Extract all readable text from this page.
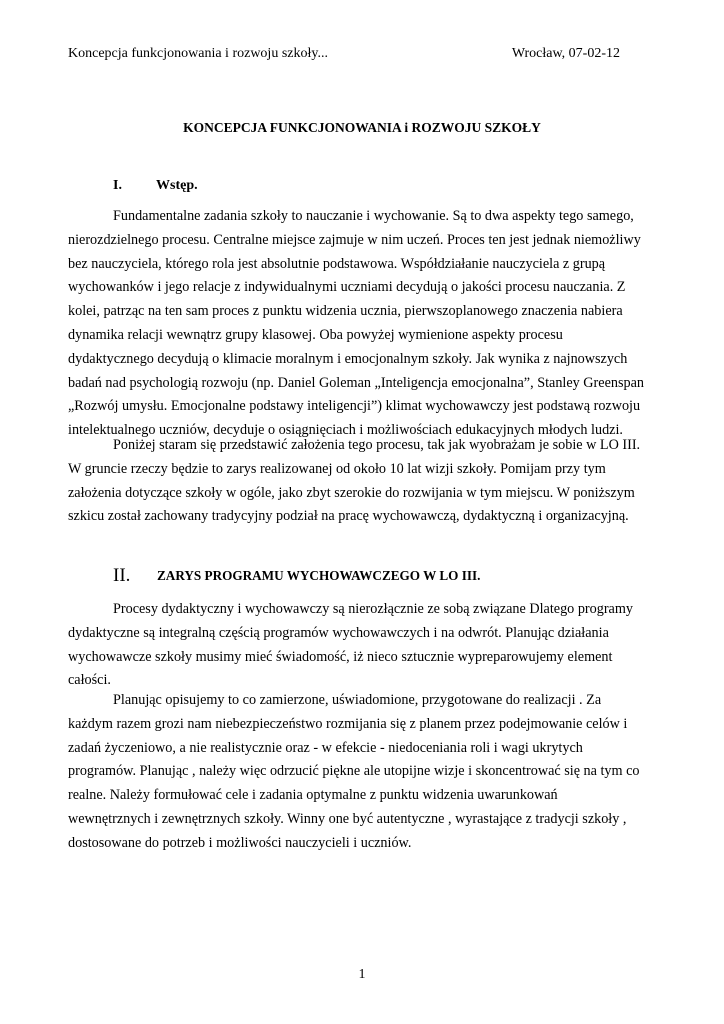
Koncepcja funkcjonowania i rozwoju szkoły...	Wrocław, 07-02-12
KONCEPCJA FUNKCJONOWANIA i ROZWOJU SZKOŁY
I. Wstęp.

Fundamentalne zadania szkoły to nauczanie i wychowanie. Są to dwa aspekty tego samego,
nierozdzielnego procesu. Centralne miejsce zajmuje w nim uczeń. Proces ten jest jednak niemożliwy
bez nauczyciela, którego rola jest absolutnie podstawowa. Współdziałanie nauczyciela z grupą
wychowanków i jego relacje z indywidualnymi uczniami decydują o jakości procesu nauczania. Z
kolei, patrząc na ten sam proces z punktu widzenia ucznia, pierwszoplanowego znaczenia nabiera
dynamika relacji wewnątrz grupy klasowej. Oba powyżej wymienione aspekty procesu
dydaktycznego decydują o klimacie moralnym i emocjonalnym szkoły. Jak wynika z najnowszych
badań nad psychologią rozwoju (np. Daniel Goleman „Inteligencja emocjonalna”, Stanley Greenspan
„Rozwój umysłu. Emocjonalne podstawy inteligencji”) klimat wychowawczy jest podstawą rozwoju
intelektualnego uczniów, decyduje o osiągnięciach i możliwościach edukacyjnych młodych ludzi.

Poniżej staram się przedstawić założenia tego procesu, tak jak wyobrażam je sobie w LO III.
W gruncie rzeczy będzie to zarys realizowanej od około 10 lat wizji szkoły. Pomijam przy tym
założenia dotyczące szkoły w ogóle, jako zbyt szerokie do rozwijania w tym miejscu. W poniższym
szkicu został zachowany tradycyjny podział na pracę wychowawczą, dydaktyczną i organizacyjną.

II. ZARYS PROGRAMU WYCHOWAWCZEGO W LO III.

Procesy dydaktyczny i wychowawczy są nierozłącznie ze sobą związane Dlatego programy
dydaktyczne są integralną częścią programów wychowawczych i na odwrót. Planując działania
wychowawcze szkoły musimy mieć świadomość, iż nieco sztucznie wypreparowujemy element
całości.

Planując opisujemy to co zamierzone, uświadomione, przygotowane do realizacji . Za
każdym razem grozi nam niebezpieczeństwo rozmijania się z planem przez podejmowanie celów i
zadań życzeniowo, a nie realistycznie oraz - w efekcie - niedoceniania roli i wagi ukrytych
programów. Planując , należy więc odrzucić piękne ale utopijne wizje i skoncentrować się na tym co
realne. Należy formułować cele i zadania optymalne z punktu widzenia uwarunkowań
wewnętrznych i zewnętrznych szkoły. Winny one być autentyczne , wyrastające z tradycji szkoły ,
dostosowane do potrzeb i możliwości nauczycieli i uczniów.

1
